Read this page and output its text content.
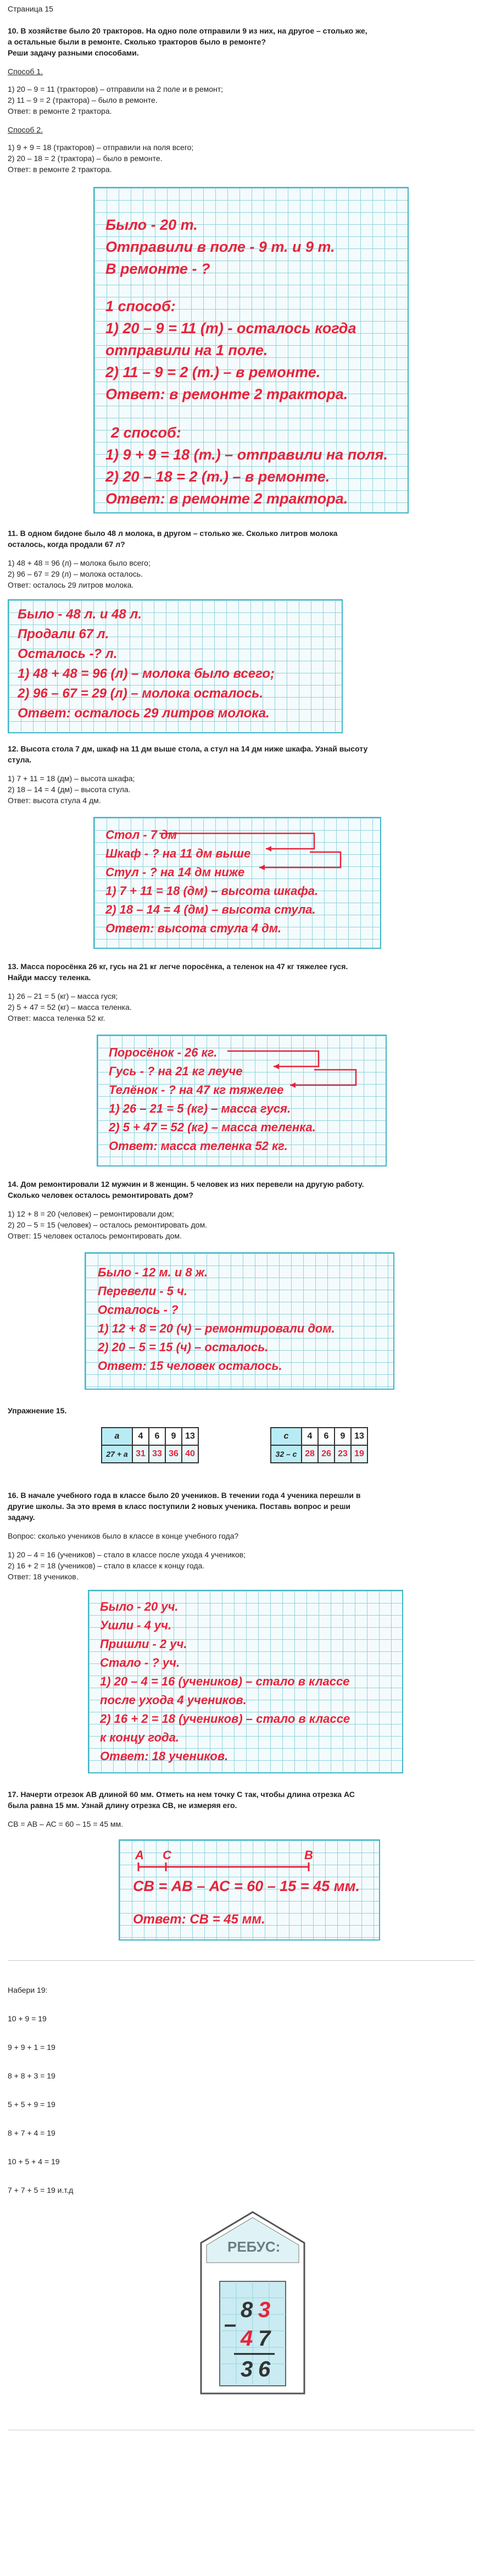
Страница 15
10. В хозяйстве было 20 тракторов. На одно поле отправили 9 из них, на другое – столько же,
а остальные были в ремонте. Сколько тракторов было в ремонте?
Реши задачу разными способами.
Способ 1.
1) 20 – 9 = 11 (тракторов) – отправили на 2 поле и в ремонт;
2) 11 – 9 = 2 (трактора) – было в ремонте.
Ответ: в ремонте 2 трактора.
Способ 2.
1) 9 + 9 = 18 (тракторов) – отправили на поля всего;
2) 20 – 18 = 2 (трактора) – было в ремонте.
Ответ: в ремонте 2 трактора.
Было - 20 т.
Отправили в поле - 9 т. и 9 т.
В ремонте - ?
1 способ:
1) 20 – 9 = 11 (т) - осталось когда
отправили на 1 поле.
2) 11 – 9 = 2 (т.) – в ремонте.
Ответ: в ремонте 2 трактора.
2 способ:
1) 9 + 9 = 18 (т.) – отправили на поля.
2) 20 – 18 = 2 (т.) – в ремонте.
Ответ: в ремонте 2 трактора.
11. В одном бидоне было 48 л молока, в другом – столько же. Сколько литров молока
осталось, когда продали 67 л?
1) 48 + 48 = 96 (л) – молока было всего;
2) 96 – 67 = 29 (л) – молока осталось.
Ответ: осталось 29 литров молока.
Было - 48 л. и 48 л.
Продали 67 л.
Осталось -? л.
1) 48 + 48 = 96 (л) – молока было всего;
2) 96 – 67 = 29 (л) – молока осталось.
Ответ: осталось 29 литров молока.
12. Высота стола 7 дм, шкаф на 11 дм выше стола, а стул на 14 дм ниже шкафа. Узнай высоту
стула.
1) 7 + 11 = 18 (дм) – высота шкафа;
2) 18 – 14 = 4 (дм) – высота стула.
Ответ: высота стула 4 дм.
Стол - 7 дм
Шкаф - ? на 11 дм выше
Стул - ? на 14 дм ниже
1) 7 + 11 = 18 (дм) – высота шкафа.
2) 18 – 14 = 4 (дм) – высота стула.
Ответ: высота стула 4 дм.
13. Масса поросёнка 26 кг, гусь на 21 кг легче поросёнка, а теленок на 47 кг тяжелее гуся.
Найди массу теленка.
1) 26 – 21 = 5 (кг) – масса гуся;
2) 5 + 47 = 52 (кг) – масса теленка.
Ответ: масса теленка 52 кг.
Поросёнок - 26 кг.
Гусь - ? на 21 кг леуче
Телёнок - ? на 47 кг тяжелее
1) 26 – 21 = 5 (кг) – масса гуся.
2) 5 + 47 = 52 (кг) – масса теленка.
Ответ: масса теленка 52 кг.
14. Дом ремонтировали 12 мужчин и 8 женщин. 5 человек из них перевели на другую работу.
Сколько человек осталось ремонтировать дом?
1) 12 + 8 = 20 (человек) – ремонтировали дом;
2) 20 – 5 = 15 (человек) – осталось ремонтировать дом.
Ответ: 15 человек осталось ремонтировать дом.
Было - 12 м. и 8 ж.
Перевели - 5 ч.
Осталось - ?
1) 12 + 8 = 20 (ч) – ремонтировали дом.
2) 20 – 5 = 15 (ч) – осталось.
Ответ: 15 человек осталось.
Упражнение 15.
a	4	6	9	13
27 + a	31	33	36	40
c	4	6	9	13
32 – c	28	26	23	19
16. В начале учебного года в классе было 20 учеников. В течении года 4 ученика перешли в
другие школы. За это время в класс поступили 2 новых ученика. Поставь вопрос и реши
задачу.
Вопрос: сколько учеников было в классе в конце учебного года?
1) 20 – 4 = 16 (учеников) – стало в классе после ухода 4 учеников;
2) 16 + 2 = 18 (учеников) – стало в классе к концу года.
Ответ: 18 учеников.
Было - 20 уч.
Ушли - 4 уч.
Пришли - 2 уч.
Стало - ? уч.
1) 20 – 4 = 16 (учеников) – стало в классе
после ухода 4 учеников.
2) 16 + 2 = 18 (учеников) – стало в классе
к концу года.
Ответ: 18 учеников.
17. Начерти отрезок АВ длиной 60 мм. Отметь на нем точку С так, чтобы длина отрезка АС
была равна 15 мм. Узнай длину отрезка СВ, не измеряя его.
СВ = АВ – АС = 60 – 15 = 45 мм.
А С	В
СВ = АВ – АС = 60 – 15 = 45 мм.
Ответ: СВ = 45 мм.
Набери 19:
10 + 9 = 19
9 + 9 + 1 = 19
8 + 8 + 3 = 19
5 + 5 + 9 = 19
8 + 7 + 4 = 19
10 + 5 + 4 = 19
7 + 7 + 5 = 19 и.т.д
РЕБУС:
–
8 3
4 7
3 6
